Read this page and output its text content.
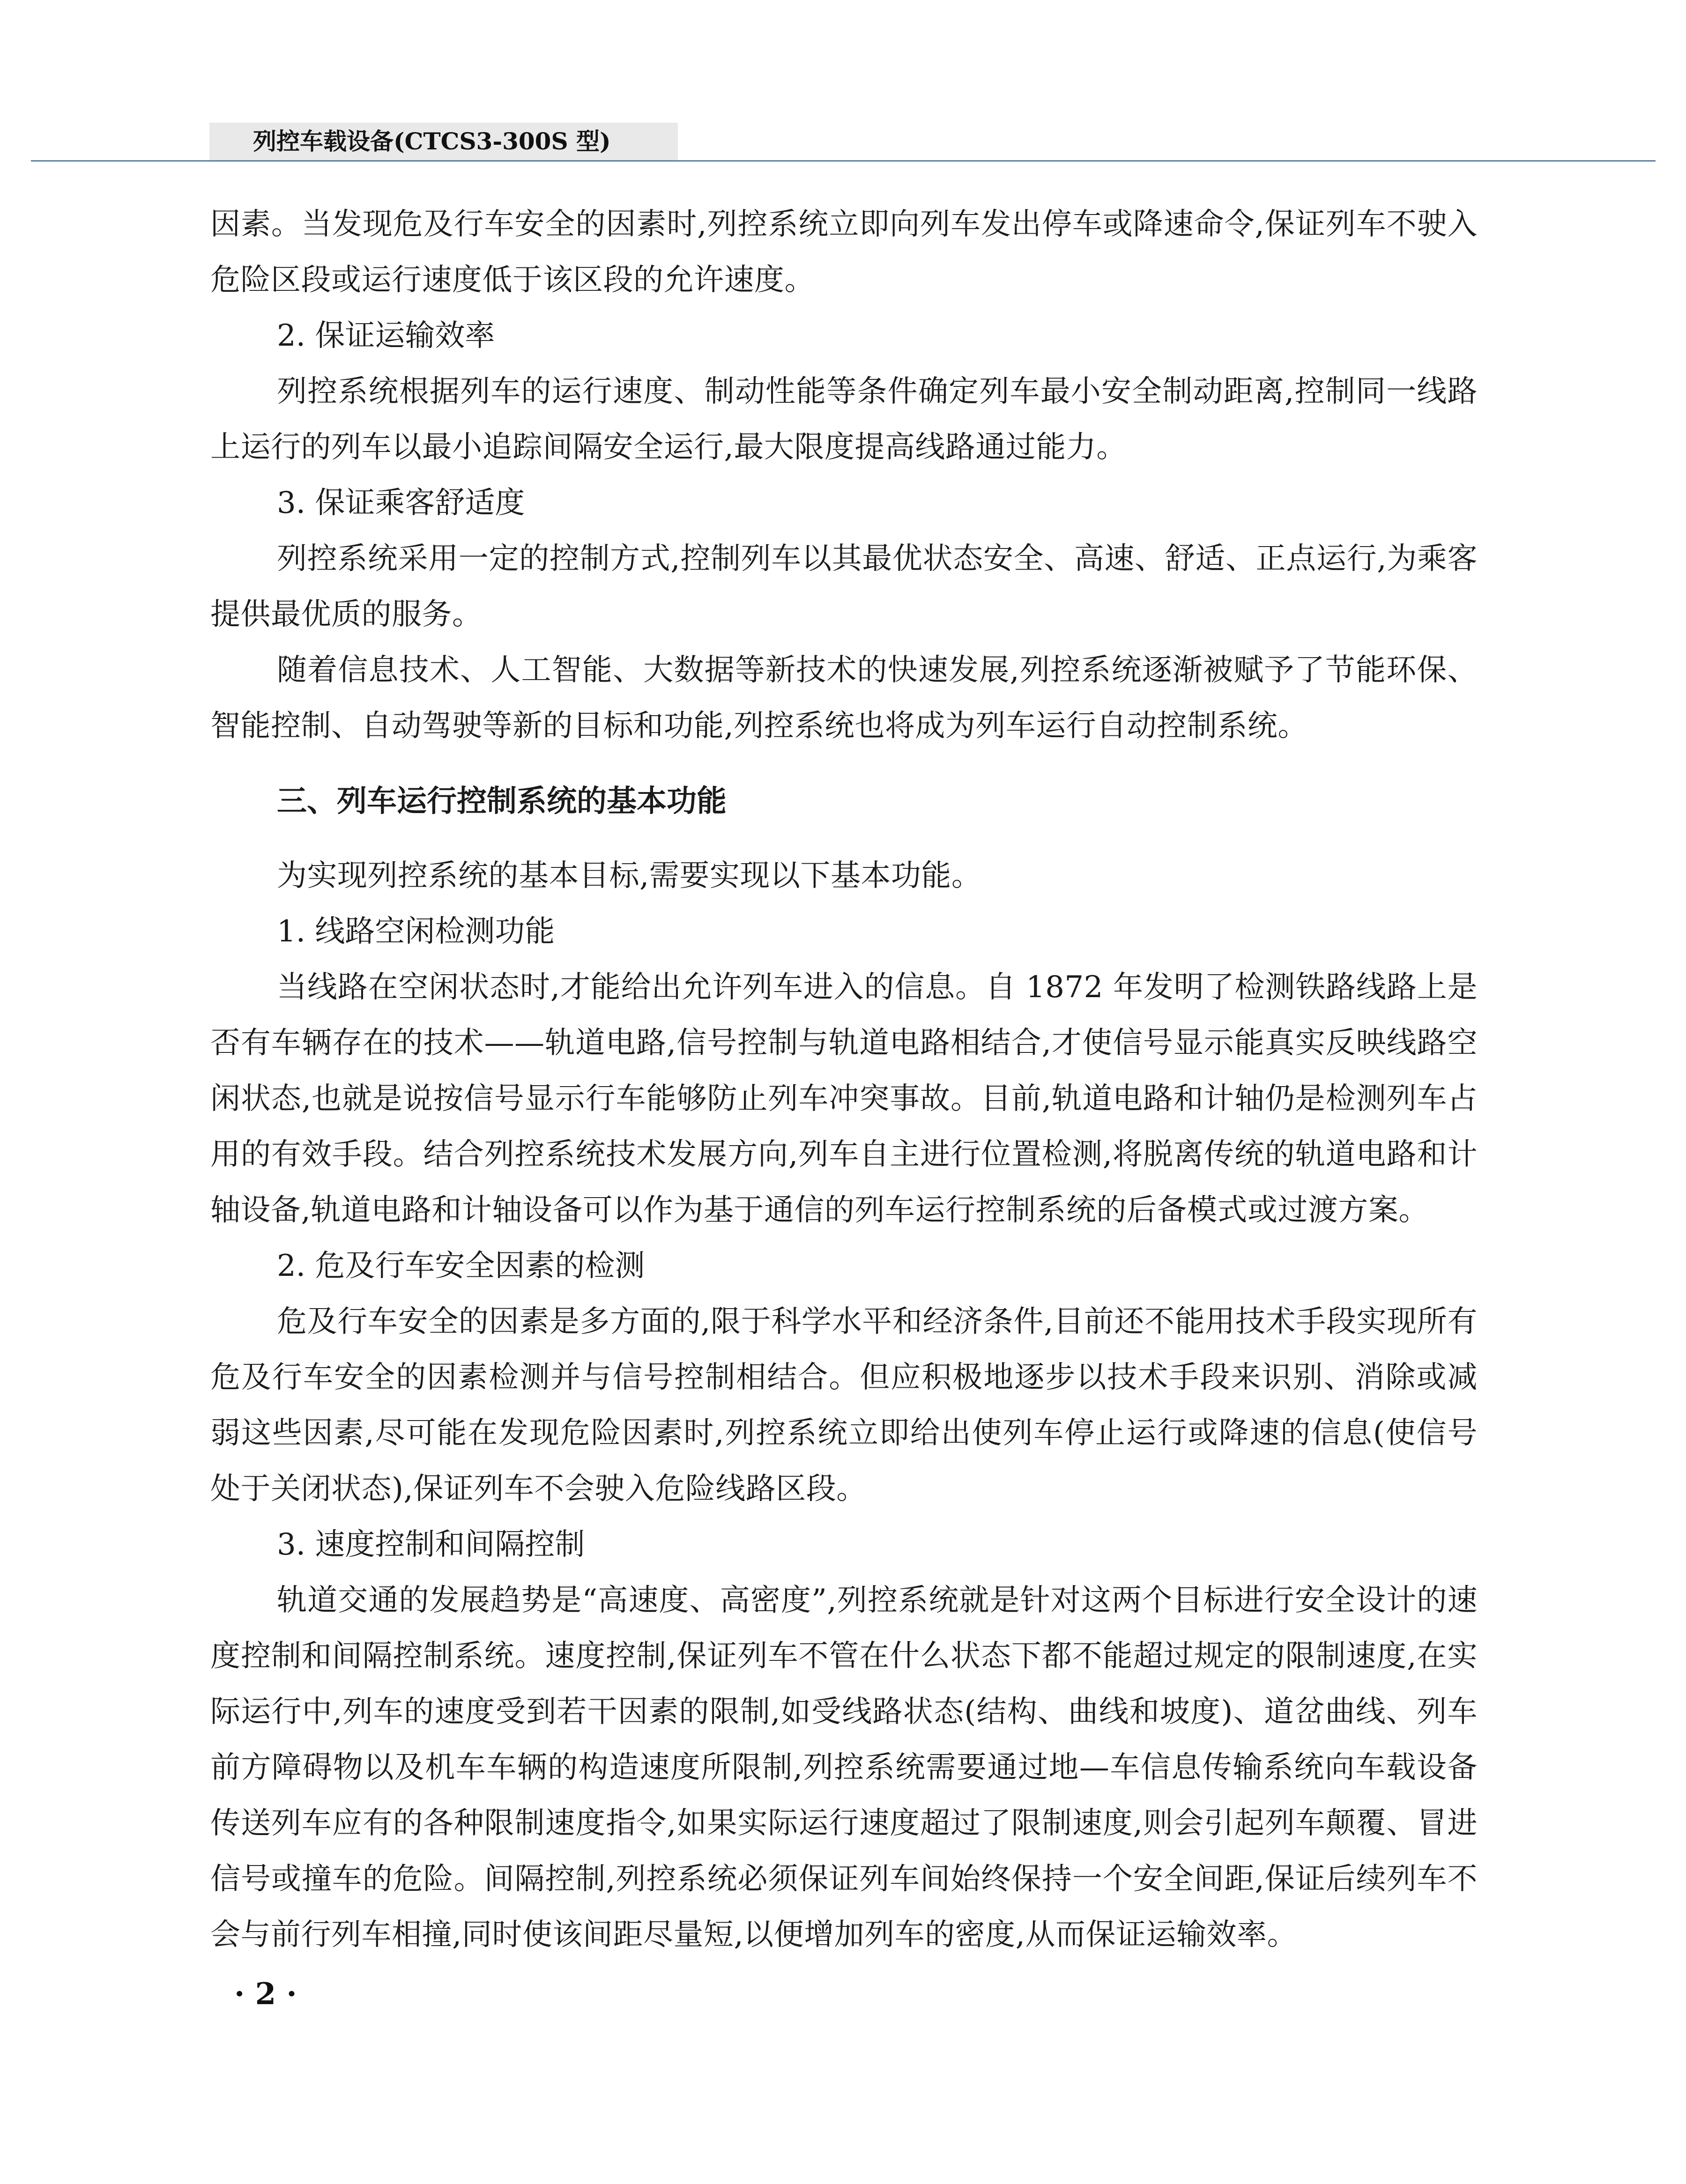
列控车载设备(CTCS3-300S 型)

因素。当发现危及行车安全的因素时,列控系统立即向列车发出停车或降速命令,保证列车不驶入危险区段或运行速度低于该区段的允许速度。

2. 保证运输效率

列控系统根据列车的运行速度、制动性能等条件确定列车最小安全制动距离,控制同一线路上运行的列车以最小追踪间隔安全运行,最大限度提高线路通过能力。

3. 保证乘客舒适度

列控系统采用一定的控制方式,控制列车以其最优状态安全、高速、舒适、正点运行,为乘客提供最优质的服务。

随着信息技术、人工智能、大数据等新技术的快速发展,列控系统逐渐被赋予了节能环保、智能控制、自动驾驶等新的目标和功能,列控系统也将成为列车运行自动控制系统。

三、列车运行控制系统的基本功能

为实现列控系统的基本目标,需要实现以下基本功能。

1. 线路空闲检测功能

当线路在空闲状态时,才能给出允许列车进入的信息。自 1872 年发明了检测铁路线路上是否有车辆存在的技术——轨道电路,信号控制与轨道电路相结合,才使信号显示能真实反映线路空闲状态,也就是说按信号显示行车能够防止列车冲突事故。目前,轨道电路和计轴仍是检测列车占用的有效手段。结合列控系统技术发展方向,列车自主进行位置检测,将脱离传统的轨道电路和计轴设备,轨道电路和计轴设备可以作为基于通信的列车运行控制系统的后备模式或过渡方案。

2. 危及行车安全因素的检测

危及行车安全的因素是多方面的,限于科学水平和经济条件,目前还不能用技术手段实现所有危及行车安全的因素检测并与信号控制相结合。但应积极地逐步以技术手段来识别、消除或减弱这些因素,尽可能在发现危险因素时,列控系统立即给出使列车停止运行或降速的信息(使信号处于关闭状态),保证列车不会驶入危险线路区段。

3. 速度控制和间隔控制

轨道交通的发展趋势是“高速度、高密度”,列控系统就是针对这两个目标进行安全设计的速度控制和间隔控制系统。速度控制,保证列车不管在什么状态下都不能超过规定的限制速度,在实际运行中,列车的速度受到若干因素的限制,如受线路状态(结构、曲线和坡度)、道岔曲线、列车前方障碍物以及机车车辆的构造速度所限制,列控系统需要通过地—车信息传输系统向车载设备传送列车应有的各种限制速度指令,如果实际运行速度超过了限制速度,则会引起列车颠覆、冒进信号或撞车的危险。间隔控制,列控系统必须保证列车间始终保持一个安全间距,保证后续列车不会与前行列车相撞,同时使该间距尽量短,以便增加列车的密度,从而保证运输效率。

· 2 ·
